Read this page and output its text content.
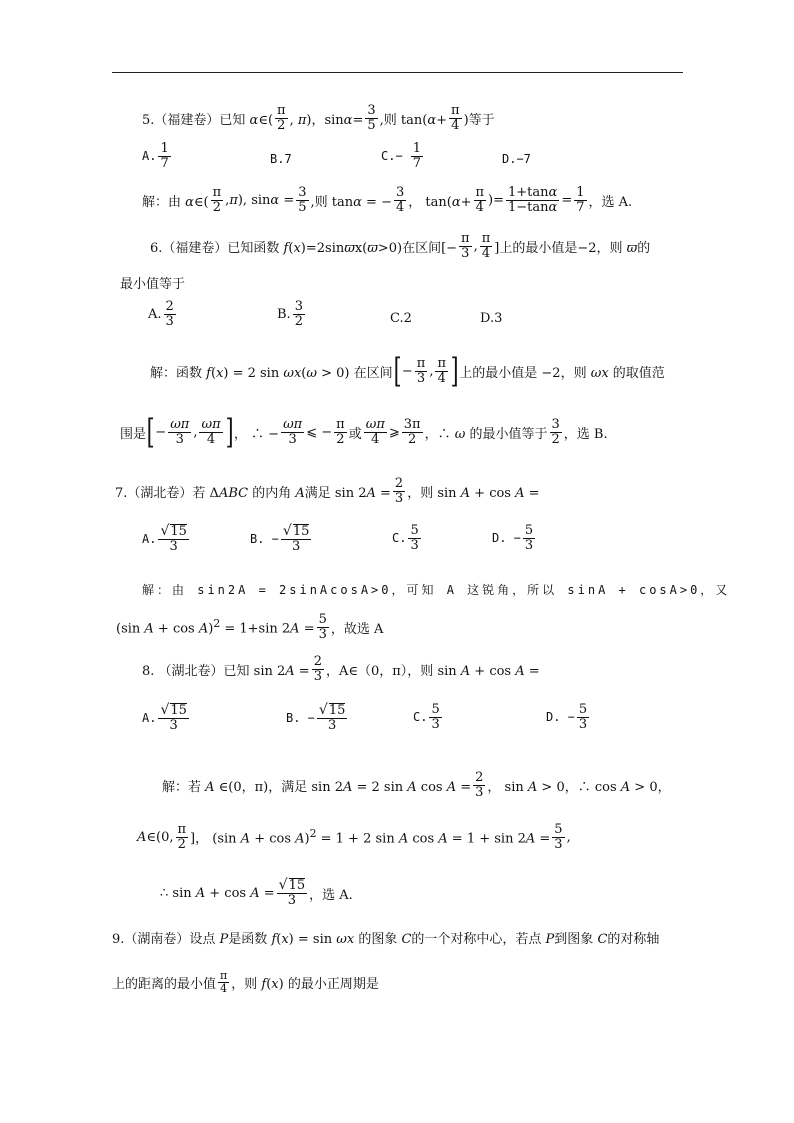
5.（福建卷）已知 α∈( $\frac{\pi}{2}$ , π)，$\sin\alpha= \frac{3}{5}$ ,则 $\tan(\alpha+ \frac{\pi}{4}$ )等于
A. $\frac{1}{7}$	B.7	$C.- \frac{1}{7}$	D.−7
解：由 α∈( $\frac{\pi}{2} ,\pi$), $\sin\alpha = \frac{3}{5}$ ,则 tanα = − $\frac{3}{4}$ ， $\tan(\alpha+ \frac{\pi}{4}$ )= $\frac{1+\tan\alpha}{1-\tan\alpha} = \frac{1}{7}$ ，选 A.
6.（福建卷）已知函数 f(x)=2sinϖx(ϖ>0)在区间[− $\frac{\pi}{3}$ , $\frac{\pi}{4}$ ]上的最小值是−2，则 ϖ的
最小值等于
A. $\frac{2}{3}$	B. $\frac{3}{2}$	C.2	D.3
解：函数 f(x) = 2 sin ωx(ω > 0) 在区间 [ − $\frac{\pi}{3}$ , $\frac{\pi}{4}$ ] 上的最小值是 −2，则 ωx 的取值范
围是 [ − $\frac{\omega\pi}{3}$ , $\frac{\omega\pi}{4}$ ] ， ∴ − $\frac{\omega\pi}{3}$ ⩽ − $\frac{\pi}{2}$ 或 $\frac{\omega\pi}{4}$ ⩾ $\frac{3\pi}{2}$ ，∴ ω 的最小值等于 $\frac{3}{2}$ ，选 B.
7.（湖北卷）若 ΔABC 的内角 A满足 $\sin 2A = \frac{2}{3}$ ，则 sin A + cos A =
A. $\frac{√15}{3}$	B. − $\frac{√15}{3}$	C. $\frac{5}{3}$	D. − $\frac{5}{3}$
解：由 sin2A = 2sinAcosA>0，可知 A 这锐角，所以 sinA + cosA>0，又
(sin A + cos A)$^2$ = 1+sin $2A = \frac{5}{3}$ ，故选 A
8. （湖北卷）已知 $\sin 2A = \frac{2}{3}$ ，A∈（0，π），则 sin A + cos A =
A. $\frac{√15}{3}$	B. − $\frac{√15}{3}$	C. $\frac{5}{3}$	D. − $\frac{5}{3}$
解：若 A ∈(0，π)，满足 sin 2A = 2 sin A $\cos A = \frac{2}{3}$ ， sin A > 0，∴ cos A > 0，
A∈(0, $\frac{\pi}{2}$ ]， (sin A + cos A)$^2$ = 1 + 2 sin A $\cos A = 1 + \sin 2A = \frac{5}{3}$ ,
∴ $\sin A + \cos A = \frac{√15}{3}$ ，选 A.
9.（湖南卷）设点 P是函数 f(x) = sin ωx 的图象 C的一个对称中心，若点 P到图象 C的对称轴
上的距离的最小值 $\frac{\pi}{4}$ ，则 f(x) 的最小正周期是
